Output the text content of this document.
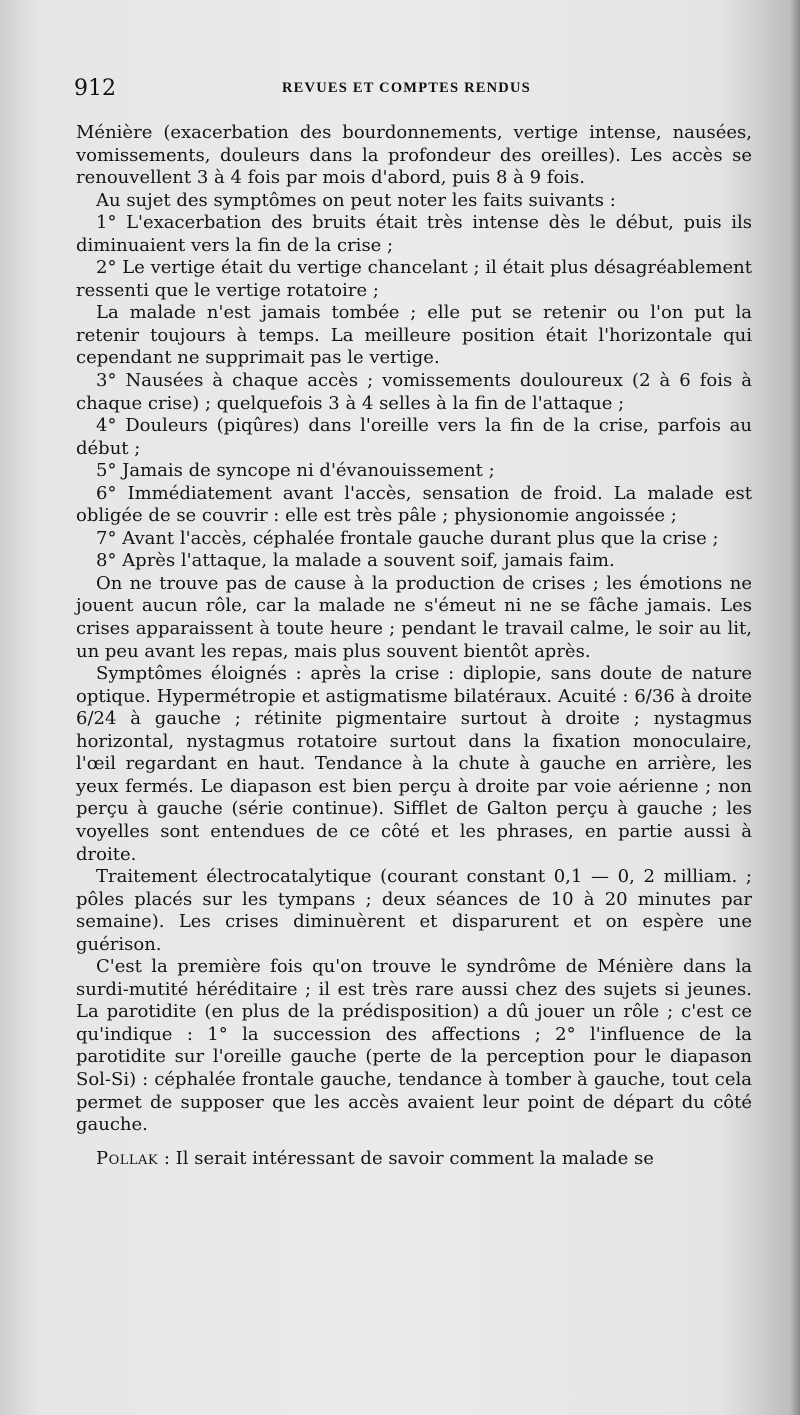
912	REVUES ET COMPTES RENDUS

Ménière (exacerbation des bourdonnements, vertige intense, nausées, vomissements, douleurs dans la profondeur des oreilles). Les accès se renouvellent 3 à 4 fois par mois d'abord, puis 8 à 9 fois.

Au sujet des symptômes on peut noter les faits suivants :

1° L'exacerbation des bruits était très intense dès le début, puis ils diminuaient vers la fin de la crise ;

2° Le vertige était du vertige chancelant ; il était plus désagréablement ressenti que le vertige rotatoire ;

La malade n'est jamais tombée ; elle put se retenir ou l'on put la retenir toujours à temps. La meilleure position était l'horizontale qui cependant ne supprimait pas le vertige.

3° Nausées à chaque accès ; vomissements douloureux (2 à 6 fois à chaque crise) ; quelquefois 3 à 4 selles à la fin de l'attaque ;

4° Douleurs (piqûres) dans l'oreille vers la fin de la crise, parfois au début ;

5° Jamais de syncope ni d'évanouissement ;

6° Immédiatement avant l'accès, sensation de froid. La malade est obligée de se couvrir : elle est très pâle ; physionomie angoissée ;

7° Avant l'accès, céphalée frontale gauche durant plus que la crise ;

8° Après l'attaque, la malade a souvent soif, jamais faim.

On ne trouve pas de cause à la production de crises ; les émotions ne jouent aucun rôle, car la malade ne s'émeut ni ne se fâche jamais. Les crises apparaissent à toute heure ; pendant le travail calme, le soir au lit, un peu avant les repas, mais plus souvent bientôt après.

Symptômes éloignés : après la crise : diplopie, sans doute de nature optique. Hypermétropie et astigmatisme bilatéraux. Acuité : 6/36 à droite 6/24 à gauche ; rétinite pigmentaire surtout à droite ; nystagmus horizontal, nystagmus rotatoire surtout dans la fixation monoculaire, l'œil regardant en haut. Tendance à la chute à gauche en arrière, les yeux fermés. Le diapason est bien perçu à droite par voie aérienne ; non perçu à gauche (série continue). Sifflet de Galton perçu à gauche ; les voyelles sont entendues de ce côté et les phrases, en partie aussi à droite.

Traitement électrocatalytique (courant constant 0,1 — 0, 2 milliam. ; pôles placés sur les tympans ; deux séances de 10 à 20 minutes par semaine). Les crises diminuèrent et disparurent et on espère une guérison.

C'est la première fois qu'on trouve le syndrôme de Ménière dans la surdi-mutité héréditaire ; il est très rare aussi chez des sujets si jeunes. La parotidite (en plus de la prédisposition) a dû jouer un rôle ; c'est ce qu'indique : 1° la succession des affections ; 2° l'influence de la parotidite sur l'oreille gauche (perte de la perception pour le diapason Sol-Si) : céphalée frontale gauche, tendance à tomber à gauche, tout cela permet de supposer que les accès avaient leur point de départ du côté gauche.

Pollak : Il serait intéressant de savoir comment la malade se
